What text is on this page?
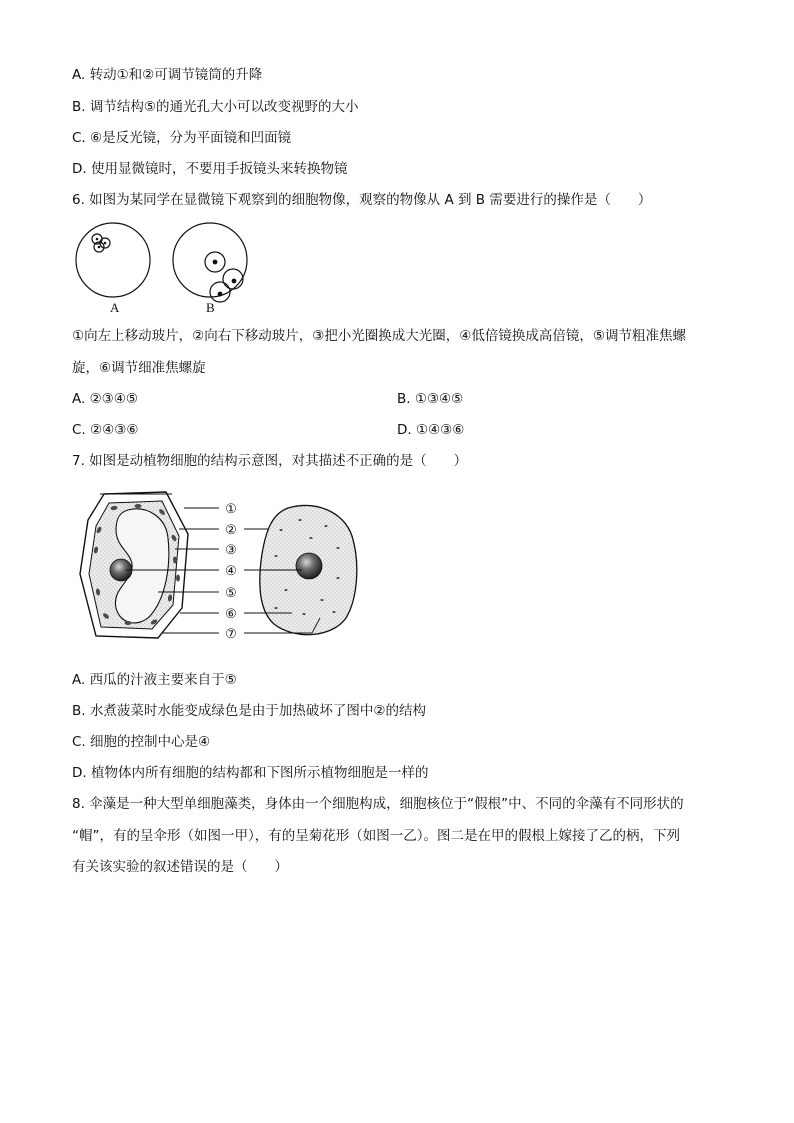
A. 转动①和②可调节镜筒的升降
B. 调节结构⑤的通光孔大小可以改变视野的大小
C. ⑥是反光镜，分为平面镜和凹面镜
D. 使用显微镜时，不要用手扳镜头来转换物镜
6. 如图为某同学在显微镜下观察到的细胞物像，观察的物像从 A 到 B 需要进行的操作是（　　）
A	B
①向左上移动玻片，②向右下移动玻片，③把小光圈换成大光圈，④低倍镜换成高倍镜，⑤调节粗准焦螺
旋，⑥调节细准焦螺旋
A. ②③④⑤	B. ①③④⑤
C. ②④③⑥	D. ①④③⑥
7. 如图是动植物细胞的结构示意图，对其描述不正确的是（　　）
①
②
③
④
⑤
⑥
⑦
A. 西瓜的汁液主要来自于⑤
B. 水煮菠菜时水能变成绿色是由于加热破坏了图中②的结构
C. 细胞的控制中心是④
D. 植物体内所有细胞的结构都和下图所示植物细胞是一样的
8. 伞藻是一种大型单细胞藻类，身体由一个细胞构成，细胞核位于“假根”中、不同的伞藻有不同形状的
“帽”，有的呈伞形（如图一甲），有的呈菊花形（如图一乙）。图二是在甲的假根上嫁接了乙的柄，下列
有关该实验的叙述错误的是（　　）
